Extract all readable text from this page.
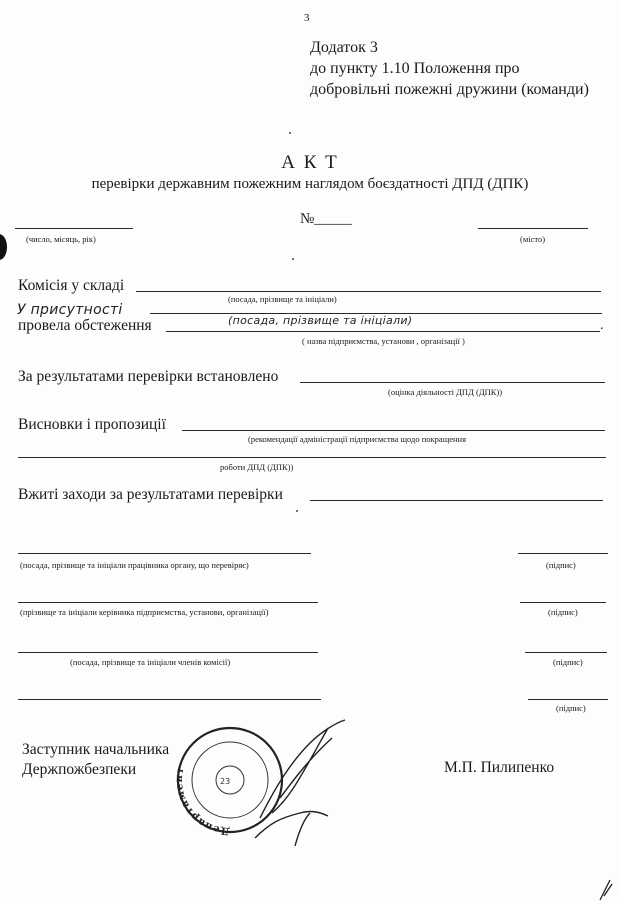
3
Додаток 3
до пункту 1.10 Положення про
добровільні пожежні дружини (команди)
А К Т
перевірки державним пожежним наглядом боєздатності ДПД (ДПК)
№_____
(число, місяць, рік)	(місто)
Комісія у складі
(посада, прізвище та ініціали)
У присутності
(посада, прізвище та ініціали)
провела обстеження	.
( назва підприємства, установи , організації )
За результатами перевірки встановлено
(оцінка діяльності ДПД (ДПК))
Висновки і пропозиції
(рекомендації адміністрації підприємства щодо покращення
роботи ДПД (ДПК))
Вжиті заходи за результатами перевірки
(посада, прізвище та ініціали працівника органу, що перевіряє)	(підпис)
(прізвище та ініціали керівника підприємства, установи, організації)	(підпис)
(посада, прізвище та ініціали членів комісії)	(підпис)
(підпис)
Заступник начальника
Держпожбезпеки	М.П. Пилипенко
Департамент
23
